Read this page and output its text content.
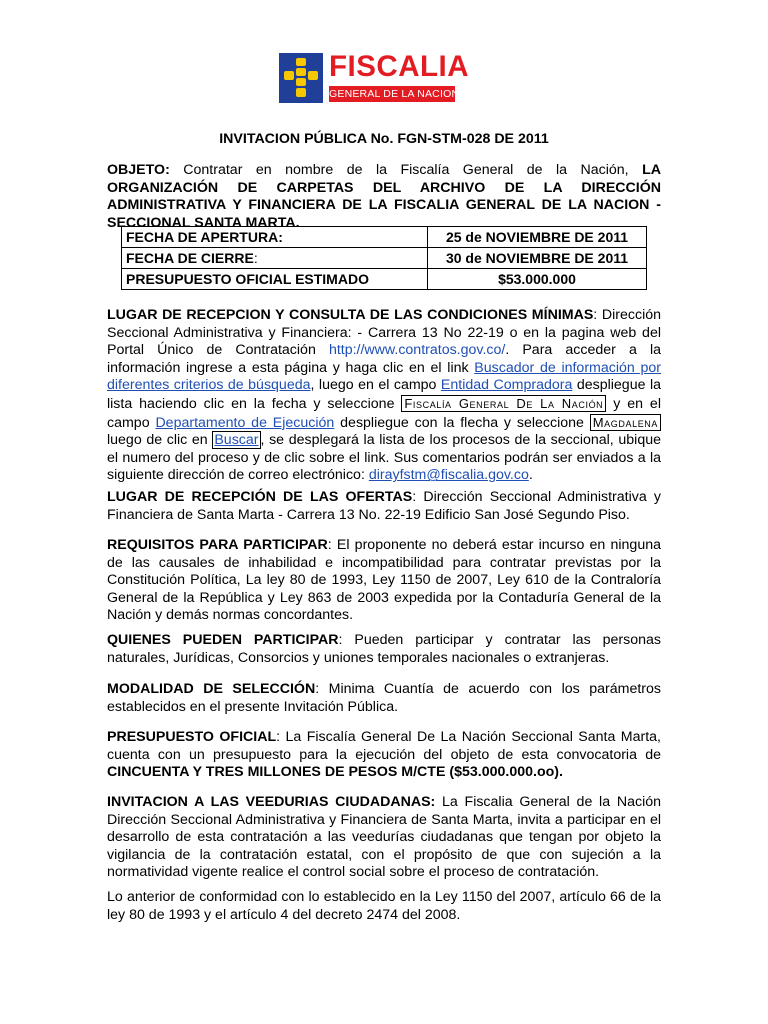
FISCALIA
GENERAL DE LA NACION
INVITACION PÚBLICA No. FGN-STM-028 DE 2011

OBJETO: Contratar en nombre de la Fiscalía General de la Nación, LA ORGANIZACIÓN DE CARPETAS DEL ARCHIVO DE LA DIRECCIÓN ADMINISTRATIVA Y FINANCIERA DE LA FISCALIA GENERAL DE LA NACION - SECCIONAL SANTA MARTA.

FECHA DE APERTURA:	25 de NOVIEMBRE DE 2011
FECHA DE CIERRE:	30 de NOVIEMBRE DE 2011
PRESUPUESTO OFICIAL ESTIMADO	$53.000.000

LUGAR DE RECEPCION Y CONSULTA DE LAS CONDICIONES MÍNIMAS: Dirección Seccional Administrativa y Financiera: - Carrera 13 No 22-19 o en la pagina web del Portal Único de Contratación http://www.contratos.gov.co/. Para acceder a la información ingrese a esta página y haga clic en el link Buscador de información por diferentes criterios de búsqueda, luego en el campo Entidad Compradora despliegue la lista haciendo clic en la fecha y seleccione Fiscalía General De La Nación y en el campo Departamento de Ejecución despliegue con la flecha y seleccione Magdalena luego de clic en Buscar , se desplegará la lista de los procesos de la seccional, ubique el numero del proceso y de clic sobre el link. Sus comentarios podrán ser enviados a la siguiente dirección de correo electrónico: dirayfstm@fiscalia.gov.co.

LUGAR DE RECEPCIÓN DE LAS OFERTAS: Dirección Seccional Administrativa y Financiera de Santa Marta - Carrera 13 No. 22-19 Edificio San José Segundo Piso.

REQUISITOS PARA PARTICIPAR: El proponente no deberá estar incurso en ninguna de las causales de inhabilidad e incompatibilidad para contratar previstas por la Constitución Política, La ley 80 de 1993, Ley 1150 de 2007, Ley 610 de la Contraloría General de la República y Ley 863 de 2003 expedida por la Contaduría General de la Nación y demás normas concordantes.

QUIENES PUEDEN PARTICIPAR: Pueden participar y contratar las personas naturales, Jurídicas, Consorcios y uniones temporales nacionales o extranjeras.

MODALIDAD DE SELECCIÓN: Minima Cuantía de acuerdo con los parámetros establecidos en el presente Invitación Pública.

PRESUPUESTO OFICIAL: La Fiscalía General De La Nación Seccional Santa Marta, cuenta con un presupuesto para la ejecución del objeto de esta convocatoria de CINCUENTA Y TRES MILLONES DE PESOS M/CTE ($53.000.000.oo).

INVITACION A LAS VEEDURIAS CIUDADANAS: La Fiscalia General de la Nación Dirección Seccional Administrativa y Financiera de Santa Marta, invita a participar en el desarrollo de esta contratación a las veedurías ciudadanas que tengan por objeto la vigilancia de la contratación estatal, con el propósito de que con sujeción a la normatividad vigente realice el control social sobre el proceso de contratación.

Lo anterior de conformidad con lo establecido en la Ley 1150 del 2007, artículo 66 de la ley 80 de 1993 y el artículo 4 del decreto 2474 del 2008.
